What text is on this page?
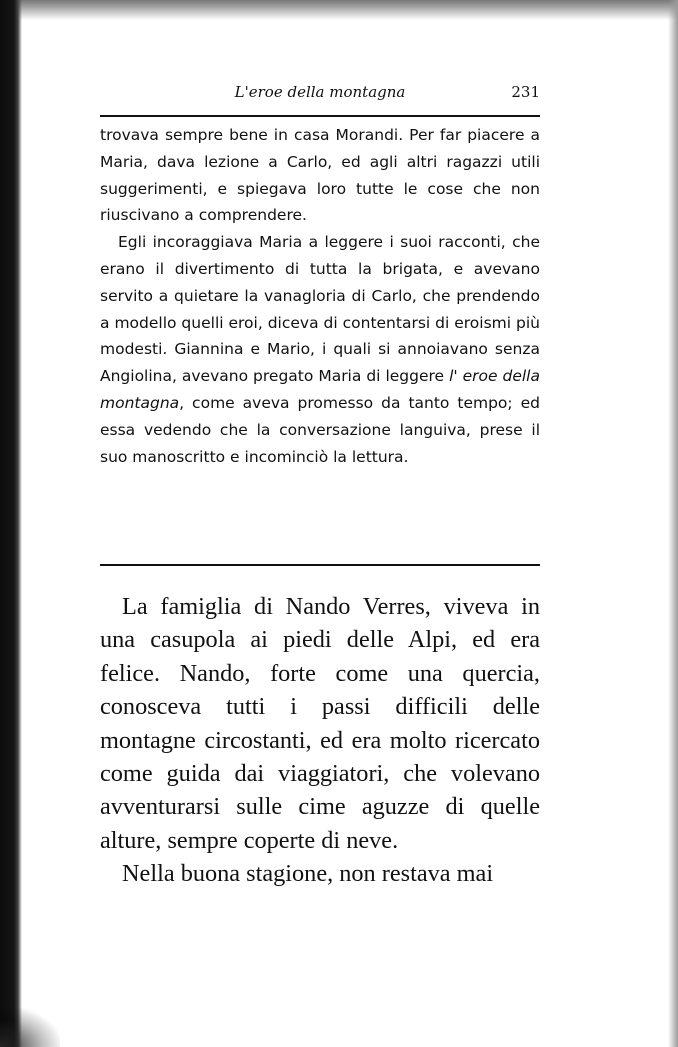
L'eroe della montagna	231

trovava sempre bene in casa Morandi. Per far piacere a Maria, dava lezione a Carlo, ed agli altri ragazzi utili suggerimenti, e spiegava loro tutte le cose che non riuscivano a comprendere.

Egli incoraggiava Maria a leggere i suoi racconti, che erano il divertimento di tutta la brigata, e avevano servito a quietare la vanagloria di Carlo, che prendendo a modello quelli eroi, diceva di contentarsi di eroismi più modesti. Giannina e Mario, i quali si annoiavano senza Angiolina, avevano pregato Maria di leggere l' eroe della montagna, come aveva promesso da tanto tempo; ed essa vedendo che la conversazione languiva, prese il suo manoscritto e incominciò la lettura.

La famiglia di Nando Verres, viveva in una casupola ai piedi delle Alpi, ed era felice. Nando, forte come una quercia, conosceva tutti i passi difficili delle montagne circostanti, ed era molto ricercato come guida dai viaggiatori, che volevano avventurarsi sulle cime aguzze di quelle alture, sempre coperte di neve.

Nella buona stagione, non restava mai
